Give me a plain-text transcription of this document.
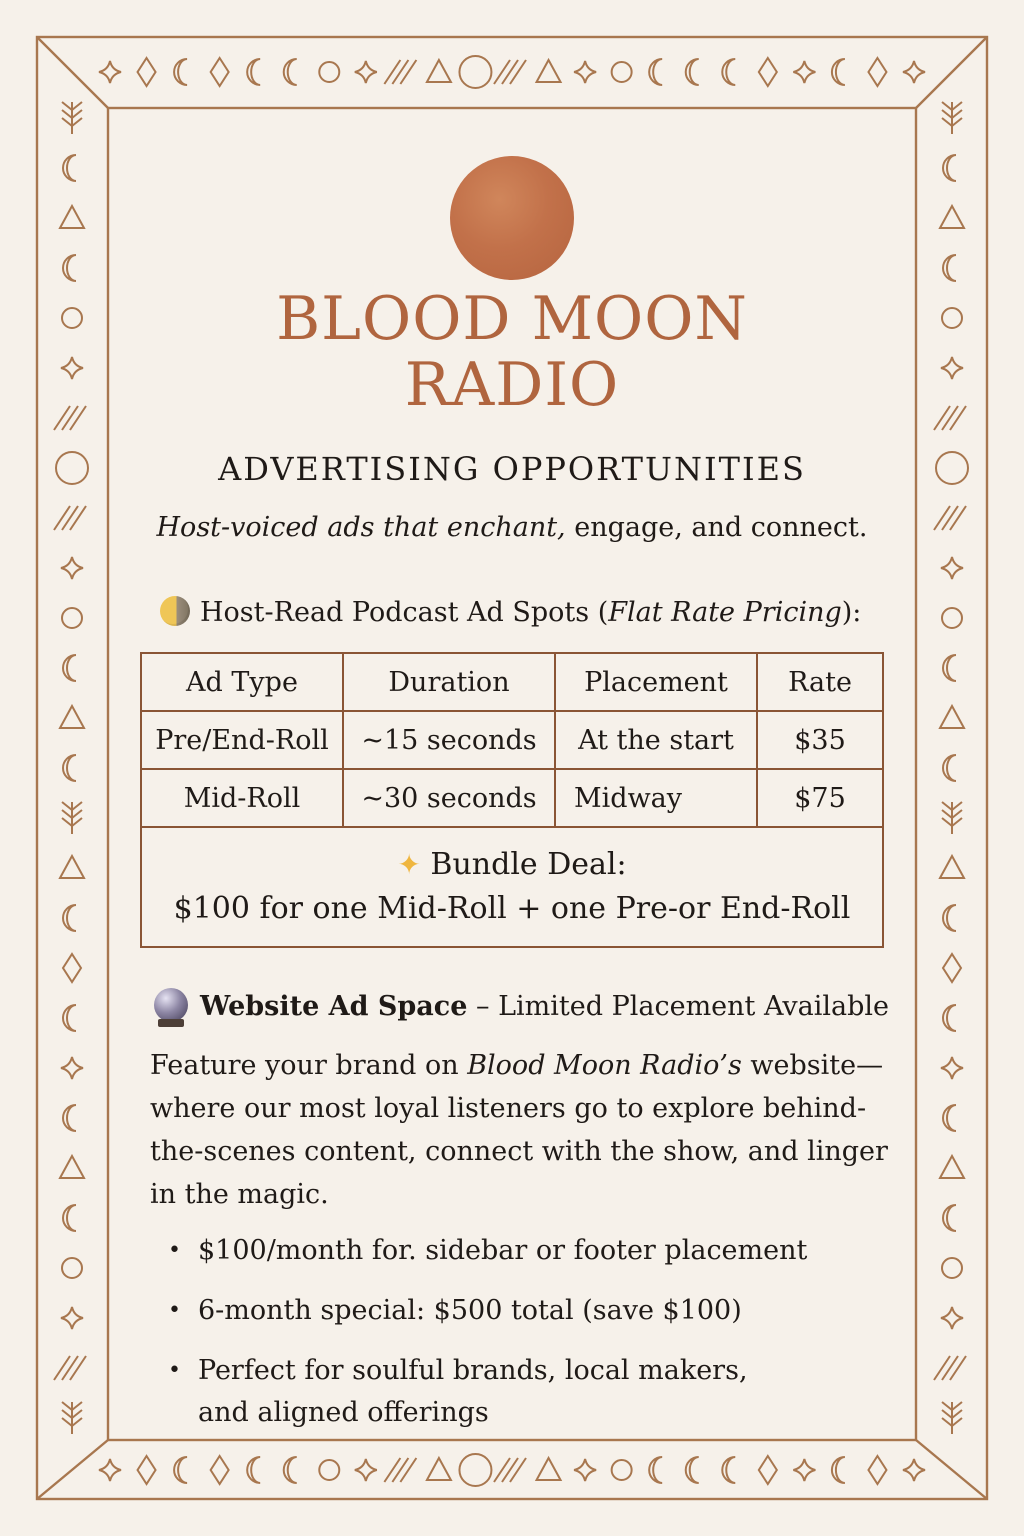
BLOOD MOON
RADIO
ADVERTISING OPPORTUNITIES
Host-voiced ads that enchant, engage, and connect.
Host-Read Podcast Ad Spots (Flat Rate Pricing):
Ad Type	Duration	Placement	Rate
Pre/End-Roll	~15 seconds	At the start	$35
Mid-Roll	~30 seconds	Midway	$75

✦ Bundle Deal:
$100 for one Mid-Roll + one Pre-or End-Roll			
Website Ad Space – Limited Placement Available
Feature your brand on Blood Moon Radio’s website— where our most loyal listeners go to explore behind-the-scenes content, connect with the show, and linger in the magic.
• $100/month for. sidebar or footer placement
• 6-month special: $500 total (save $100)
• Perfect for soulful brands, local makers,
and aligned offerings
